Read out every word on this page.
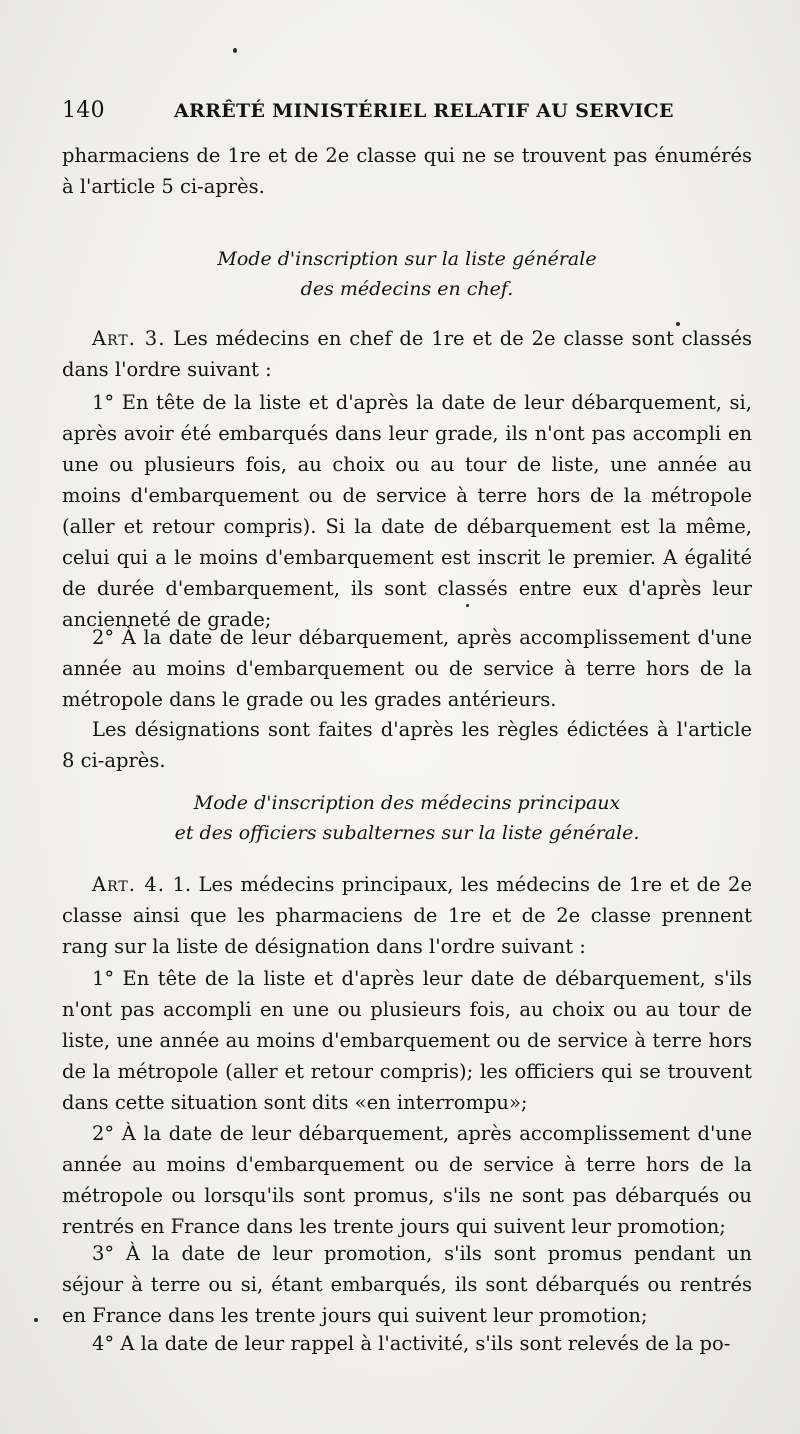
140	ARRÊTÉ MINISTÉRIEL RELATIF AU SERVICE

pharmaciens de 1re et de 2e classe qui ne se trouvent pas énumérés à l'article 5 ci-après.

Mode d'inscription sur la liste générale
des médecins en chef.

Art. 3. Les médecins en chef de 1re et de 2e classe sont classés dans l'ordre suivant :

1° En tête de la liste et d'après la date de leur débarquement, si, après avoir été embarqués dans leur grade, ils n'ont pas accompli en une ou plusieurs fois, au choix ou au tour de liste, une année au moins d'embarquement ou de service à terre hors de la métropole (aller et retour compris). Si la date de débarquement est la même, celui qui a le moins d'embarquement est inscrit le premier. A égalité de durée d'embarquement, ils sont classés entre eux d'après leur ancienneté de grade;

2° À la date de leur débarquement, après accomplissement d'une année au moins d'embarquement ou de service à terre hors de la métropole dans le grade ou les grades antérieurs.

Les désignations sont faites d'après les règles édictées à l'article 8 ci-après.

Mode d'inscription des médecins principaux
et des officiers subalternes sur la liste générale.

Art. 4. 1. Les médecins principaux, les médecins de 1re et de 2e classe ainsi que les pharmaciens de 1re et de 2e classe prennent rang sur la liste de désignation dans l'ordre suivant :

1° En tête de la liste et d'après leur date de débarquement, s'ils n'ont pas accompli en une ou plusieurs fois, au choix ou au tour de liste, une année au moins d'embarquement ou de service à terre hors de la métropole (aller et retour compris); les officiers qui se trouvent dans cette situation sont dits «en interrompu»;

2° À la date de leur débarquement, après accomplissement d'une année au moins d'embarquement ou de service à terre hors de la métropole ou lorsqu'ils sont promus, s'ils ne sont pas débarqués ou rentrés en France dans les trente jours qui suivent leur promotion;

3° À la date de leur promotion, s'ils sont promus pendant un séjour à terre ou si, étant embarqués, ils sont débarqués ou rentrés en France dans les trente jours qui suivent leur promotion;

4° A la date de leur rappel à l'activité, s'ils sont relevés de la po-
